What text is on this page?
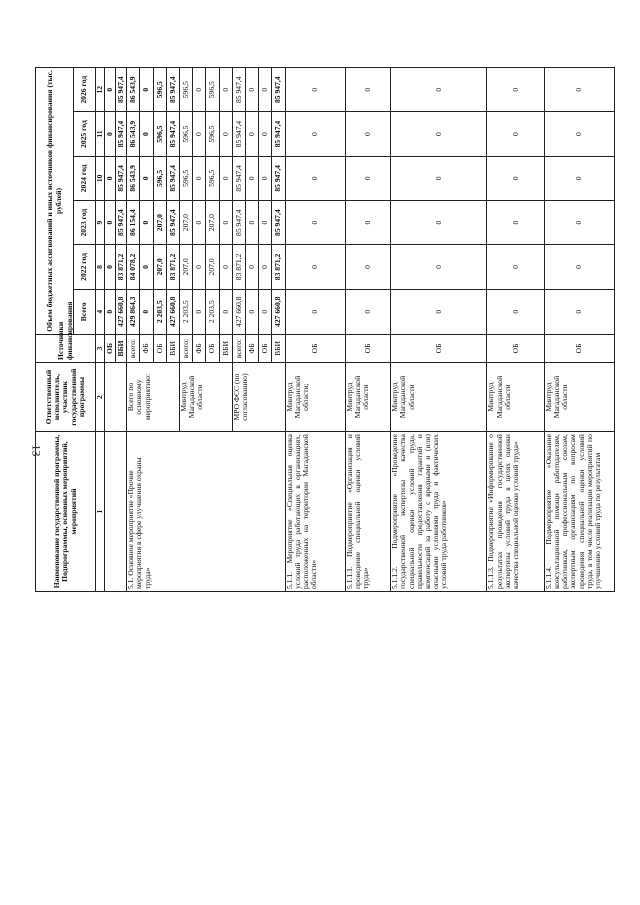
13 Наименование государственной программы, Подпрограммы, основных мероприятий, мероприятий	Ответственный исполнитель, участник государственной программы	Источники финансирования	Объем бюджетных ассигнований и иных источников финансирования (тыс. рублей)					
			Всего	2022 год	2023 год	2024 год	2025 год	2026 год
1	2	3	4	8	9	10	11	12
		ОБ	0	0	0	0	0	0
		ВБИ	427 660,8	83 871,2	85 947,4	85 947,4	85 947,4	85 947,4
5.1. Основное мероприятие «Прочие мероприятия в сфере улучшения охраны труда»	Всего по основному мероприятию:	всего:	429 864,3	84 078,2	86 154,4	86 543,9	86 543,9	86 543,9
		ФБ	0	0	0	0	0	0
		ОБ	2 203,5	207,0	207,0	596,5	596,5	596,5
		ВБИ	427 660,8	83 871,2	85 947,4	85 947,4	85 947,4	85 947,4
	Минтруд Магаданской области	всего:	2 203,5	207,0	207,0	596,5	596,5	596,5
		ФБ	0	0	0	0	0	0
		ОБ	2 203,5	207,0	207,0	596,5	596,5	596,5
		ВБИ	0	0	0	0	0	0
	МРО ФСС (по согласованию)	всего:	427 660,8	83 871,2	85 947,4	85 947,4	85 947,4	85 947,4
		ФБ	0	0	0	0	0	0
		ОБ	0	0	0	0	0	0
		ВБИ	427 660,8	83 871,2	85 947,4	85 947,4	85 947,4	85 947,4
5.1.1. Мероприятие «Специальная оценка условий труда работающих в организациях, расположенных на территории Магаданской области»	Минтруд Магаданской области;	ОБ	0	0	0	0	0	0
5.1.1.1. Подмероприятие «Организация и проведение специальной оценки условий труда»	Минтруд Магаданской области	ОБ	0	0	0	0	0	0
5.1.1.2. Подмероприятие «Проведение государственной экспертизы качества специальной оценки условий труда, правильности предоставления гарантий и компенсаций за работу с вредными и (или) опасными условиями труда и фактических условий труда работников»	Минтруд Магаданской области	ОБ	0	0	0	0	0	0
5.1.1.3. Подмероприятие «Информирование о результатах проведения государственной экспертизы условий труда в целях оценки качества специальной оценки условий труда»	Минтруд Магаданской области	ОБ	0	0	0	0	0	0
5.1.1.4. Подмероприятие «Оказание консультационной помощи работодателям, работникам, профессиональным союзам, экспертным организациям по вопросам проведения специальной оценки условий труда, в том числе реализации мероприятий по улучшению условий труда по результатам	Минтруд Магаданской области	ОБ	0	0	0	0	0	0
